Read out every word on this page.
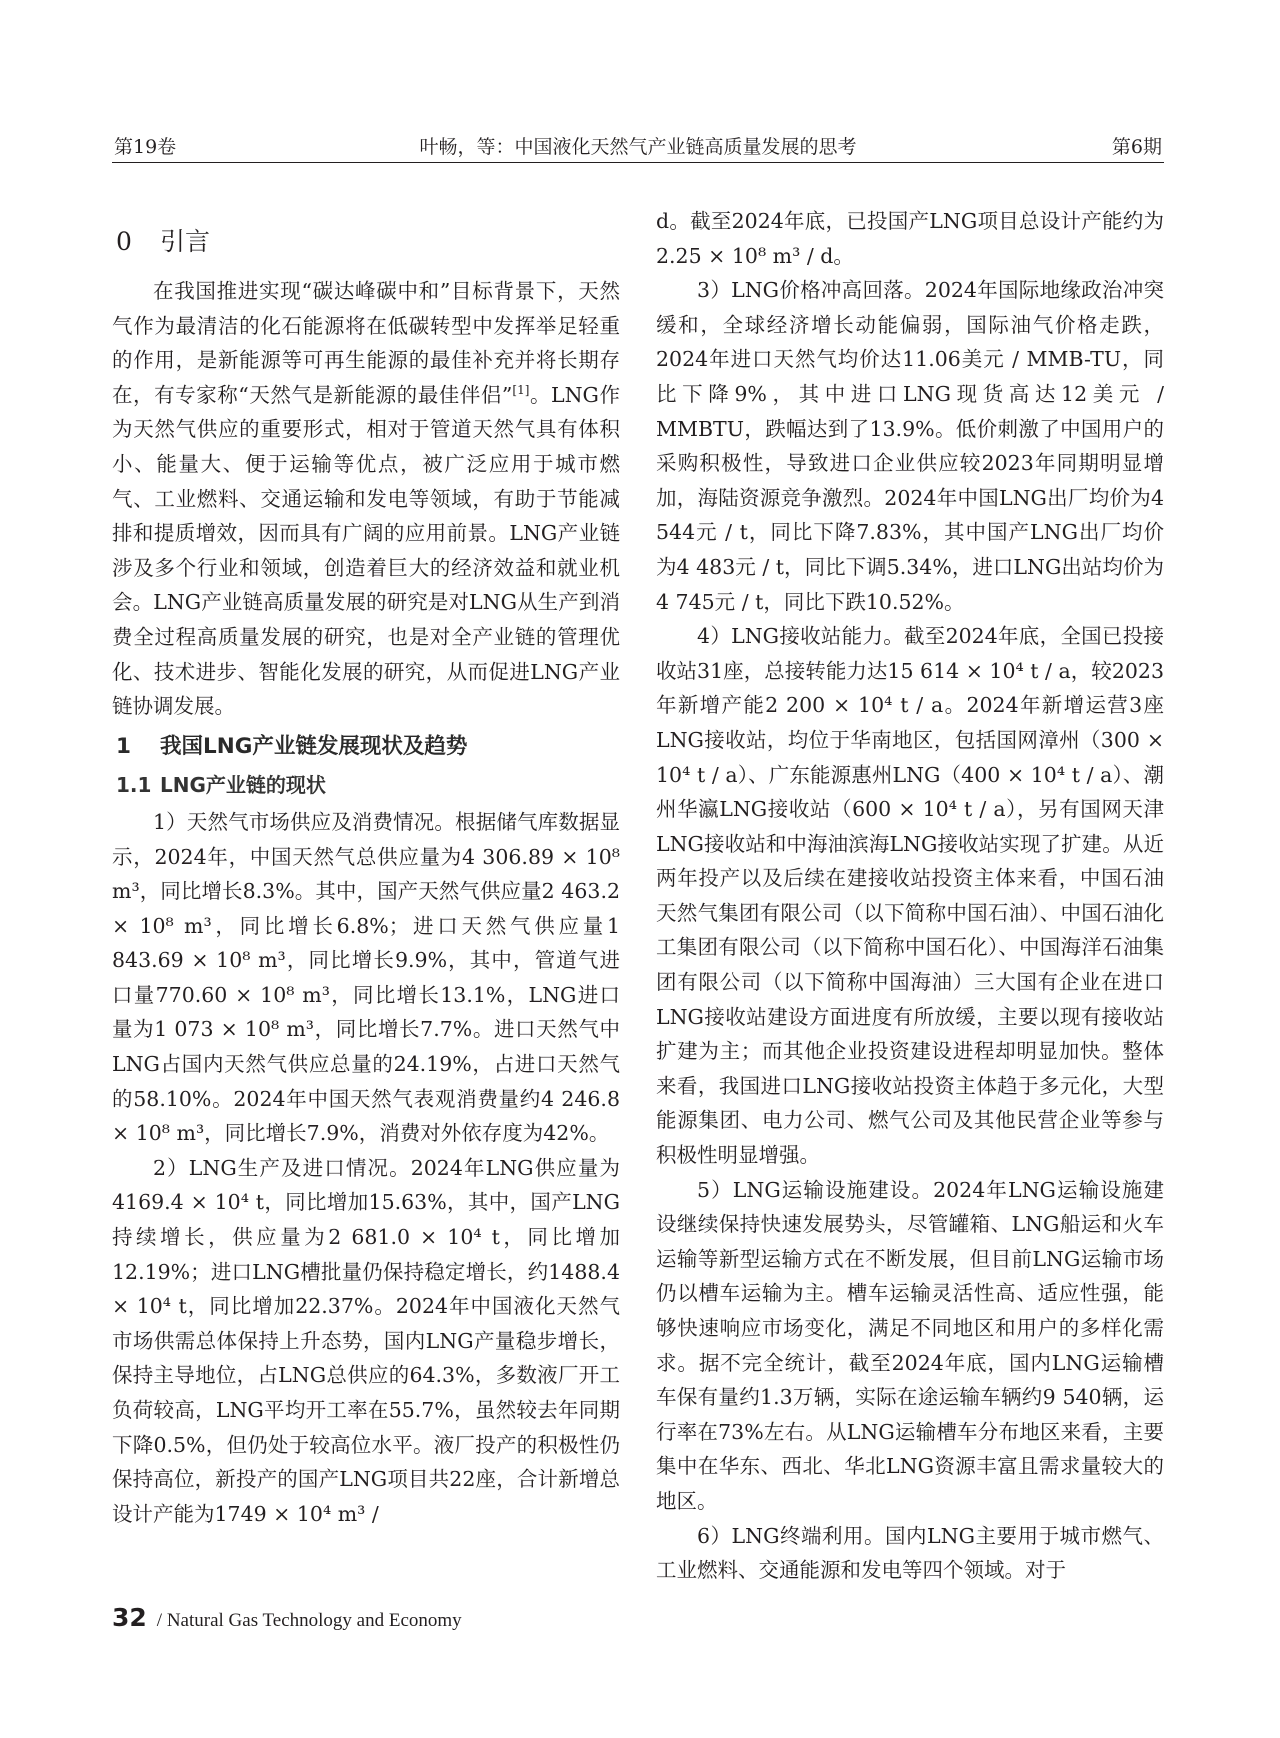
第19卷	叶畅，等：中国液化天然气产业链高质量发展的思考	第6期
0 引言

在我国推进实现“碳达峰碳中和”目标背景下，天然气作为最清洁的化石能源将在低碳转型中发挥举足轻重的作用，是新能源等可再生能源的最佳补充并将长期存在，有专家称“天然气是新能源的最佳伴侣”[1]。LNG作为天然气供应的重要形式，相对于管道天然气具有体积小、能量大、便于运输等优点，被广泛应用于城市燃气、工业燃料、交通运输和发电等领域，有助于节能减排和提质增效，因而具有广阔的应用前景。LNG产业链涉及多个行业和领域，创造着巨大的经济效益和就业机会。LNG产业链高质量发展的研究是对LNG从生产到消费全过程高质量发展的研究，也是对全产业链的管理优化、技术进步、智能化发展的研究，从而促进LNG产业链协调发展。

1 我国LNG产业链发展现状及趋势
1.1 LNG产业链的现状

1）天然气市场供应及消费情况。根据储气库数据显示，2024年，中国天然气总供应量为4 306.89 × 10⁸ m³，同比增长8.3%。其中，国产天然气供应量2 463.2 × 10⁸ m³，同比增长6.8%；进口天然气供应量1 843.69 × 10⁸ m³，同比增长9.9%，其中，管道气进口量770.60 × 10⁸ m³，同比增长13.1%，LNG进口量为1 073 × 10⁸ m³，同比增长7.7%。进口天然气中LNG占国内天然气供应总量的24.19%，占进口天然气的58.10%。2024年中国天然气表观消费量约4 246.8 × 10⁸ m³，同比增长7.9%，消费对外依存度为42%。

2）LNG生产及进口情况。2024年LNG供应量为4169.4 × 10⁴ t，同比增加15.63%，其中，国产LNG持续增长，供应量为2 681.0 × 10⁴ t，同比增加12.19%；进口LNG槽批量仍保持稳定增长，约1488.4 × 10⁴ t，同比增加22.37%。2024年中国液化天然气市场供需总体保持上升态势，国内LNG产量稳步增长，保持主导地位，占LNG总供应的64.3%，多数液厂开工负荷较高，LNG平均开工率在55.7%，虽然较去年同期下降0.5%，但仍处于较高位水平。液厂投产的积极性仍保持高位，新投产的国产LNG项目共22座，合计新增总设计产能为1749 × 10⁴ m³ /

d。截至2024年底，已投国产LNG项目总设计产能约为2.25 × 10⁸ m³ / d。

3）LNG价格冲高回落。2024年国际地缘政治冲突缓和，全球经济增长动能偏弱，国际油气价格走跌，2024年进口天然气均价达11.06美元 / MMB-TU，同比下降9%，其中进口LNG现货高达12美元 / MMBTU，跌幅达到了13.9%。低价刺激了中国用户的采购积极性，导致进口企业供应较2023年同期明显增加，海陆资源竞争激烈。2024年中国LNG出厂均价为4 544元 / t，同比下降7.83%，其中国产LNG出厂均价为4 483元 / t，同比下调5.34%，进口LNG出站均价为4 745元 / t，同比下跌10.52%。

4）LNG接收站能力。截至2024年底，全国已投接收站31座，总接转能力达15 614 × 10⁴ t / a，较2023年新增产能2 200 × 10⁴ t / a。2024年新增运营3座LNG接收站，均位于华南地区，包括国网漳州（300 × 10⁴ t / a）、广东能源惠州LNG（400 × 10⁴ t / a）、潮州华瀛LNG接收站（600 × 10⁴ t / a），另有国网天津LNG接收站和中海油滨海LNG接收站实现了扩建。从近两年投产以及后续在建接收站投资主体来看，中国石油天然气集团有限公司（以下简称中国石油）、中国石油化工集团有限公司（以下简称中国石化）、中国海洋石油集团有限公司（以下简称中国海油）三大国有企业在进口LNG接收站建设方面进度有所放缓，主要以现有接收站扩建为主；而其他企业投资建设进程却明显加快。整体来看，我国进口LNG接收站投资主体趋于多元化，大型能源集团、电力公司、燃气公司及其他民营企业等参与积极性明显增强。

5）LNG运输设施建设。2024年LNG运输设施建设继续保持快速发展势头，尽管罐箱、LNG船运和火车运输等新型运输方式在不断发展，但目前LNG运输市场仍以槽车运输为主。槽车运输灵活性高、适应性强，能够快速响应市场变化，满足不同地区和用户的多样化需求。据不完全统计，截至2024年底，国内LNG运输槽车保有量约1.3万辆，实际在途运输车辆约9 540辆，运行率在73%左右。从LNG运输槽车分布地区来看，主要集中在华东、西北、华北LNG资源丰富且需求量较大的地区。

6）LNG终端利用。国内LNG主要用于城市燃气、工业燃料、交通能源和发电等四个领域。对于

32 / Natural Gas Technology and Economy
